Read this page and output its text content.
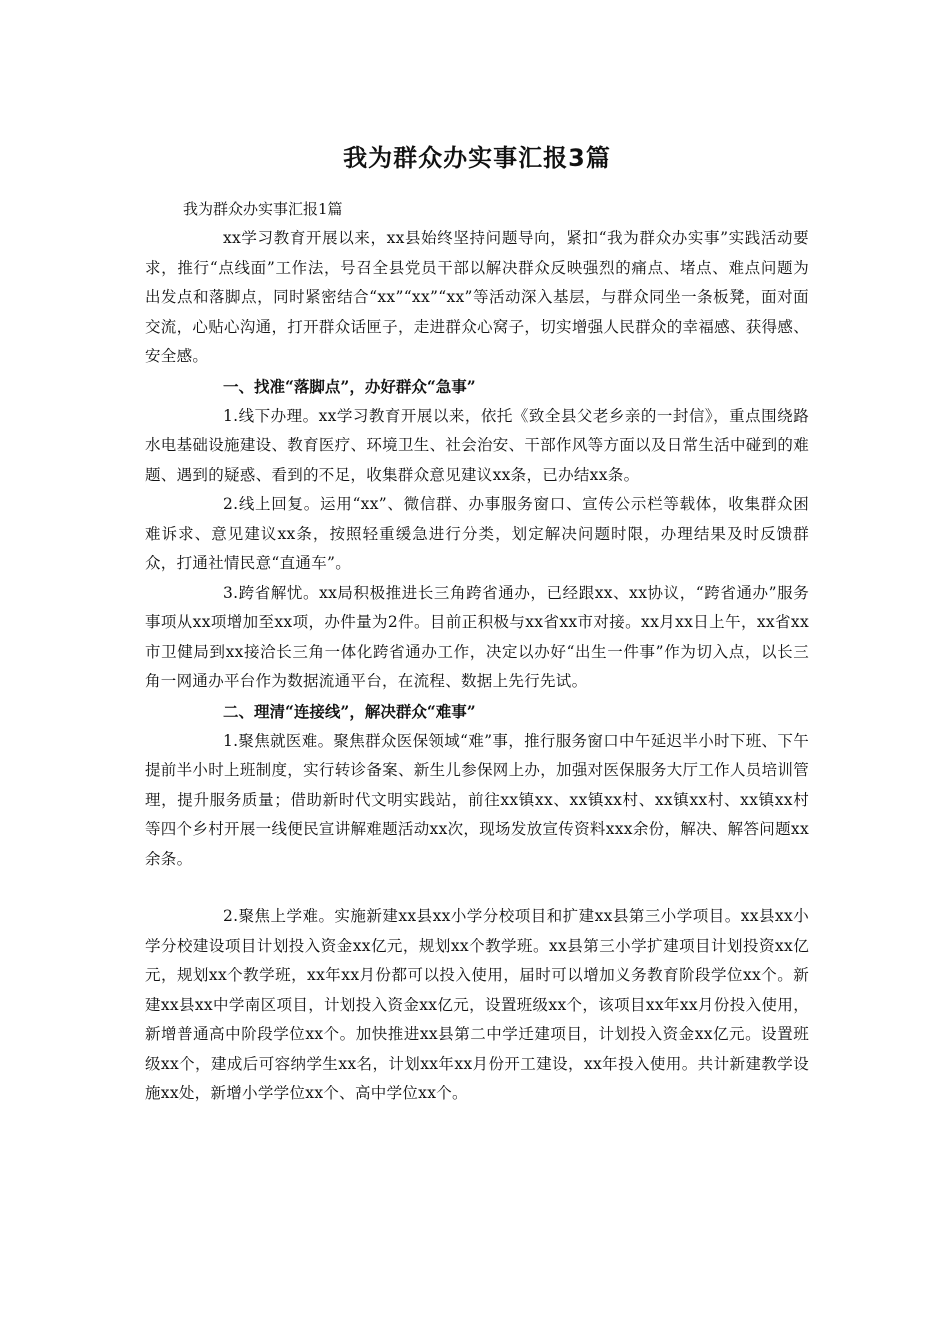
我为群众办实事汇报3篇
我为群众办实事汇报1篇

xx学习教育开展以来，xx县始终坚持问题导向，紧扣“我为群众办实事”实践活动要求，推行“点线面”工作法，号召全县党员干部以解决群众反映强烈的痛点、堵点、难点问题为出发点和落脚点，同时紧密结合“xx”“xx”“xx”等活动深入基层，与群众同坐一条板凳，面对面交流，心贴心沟通，打开群众话匣子，走进群众心窝子，切实增强人民群众的幸福感、获得感、安全感。

一、找准“落脚点”，办好群众“急事”

1.线下办理。xx学习教育开展以来，依托《致全县父老乡亲的一封信》，重点围绕路水电基础设施建设、教育医疗、环境卫生、社会治安、干部作风等方面以及日常生活中碰到的难题、遇到的疑惑、看到的不足，收集群众意见建议xx条，已办结xx条。

2.线上回复。运用“xx”、微信群、办事服务窗口、宣传公示栏等载体，收集群众困难诉求、意见建议xx条，按照轻重缓急进行分类，划定解决问题时限，办理结果及时反馈群众，打通社情民意“直通车”。

3.跨省解忧。xx局积极推进长三角跨省通办，已经跟xx、xx协议，“跨省通办”服务事项从xx项增加至xx项，办件量为2件。目前正积极与xx省xx市对接。xx月xx日上午，xx省xx市卫健局到xx接洽长三角一体化跨省通办工作，决定以办好“出生一件事”作为切入点，以长三角一网通办平台作为数据流通平台，在流程、数据上先行先试。

二、理清“连接线”，解决群众“难事”

1.聚焦就医难。聚焦群众医保领域“难”事，推行服务窗口中午延迟半小时下班、下午提前半小时上班制度，实行转诊备案、新生儿参保网上办，加强对医保服务大厅工作人员培训管理，提升服务质量；借助新时代文明实践站，前往xx镇xx、xx镇xx村、xx镇xx村、xx镇xx村等四个乡村开展一线便民宣讲解难题活动xx次，现场发放宣传资料xxx余份，解决、解答问题xx余条。

2.聚焦上学难。实施新建xx县xx小学分校项目和扩建xx县第三小学项目。xx县xx小学分校建设项目计划投入资金xx亿元，规划xx个教学班。xx县第三小学扩建项目计划投资xx亿元，规划xx个教学班，xx年xx月份都可以投入使用，届时可以增加义务教育阶段学位xx个。新建xx县xx中学南区项目，计划投入资金xx亿元，设置班级xx个，该项目xx年xx月份投入使用，新增普通高中阶段学位xx个。加快推进xx县第二中学迁建项目，计划投入资金xx亿元。设置班级xx个，建成后可容纳学生xx名，计划xx年xx月份开工建设，xx年投入使用。共计新建教学设施xx处，新增小学学位xx个、高中学位xx个。
